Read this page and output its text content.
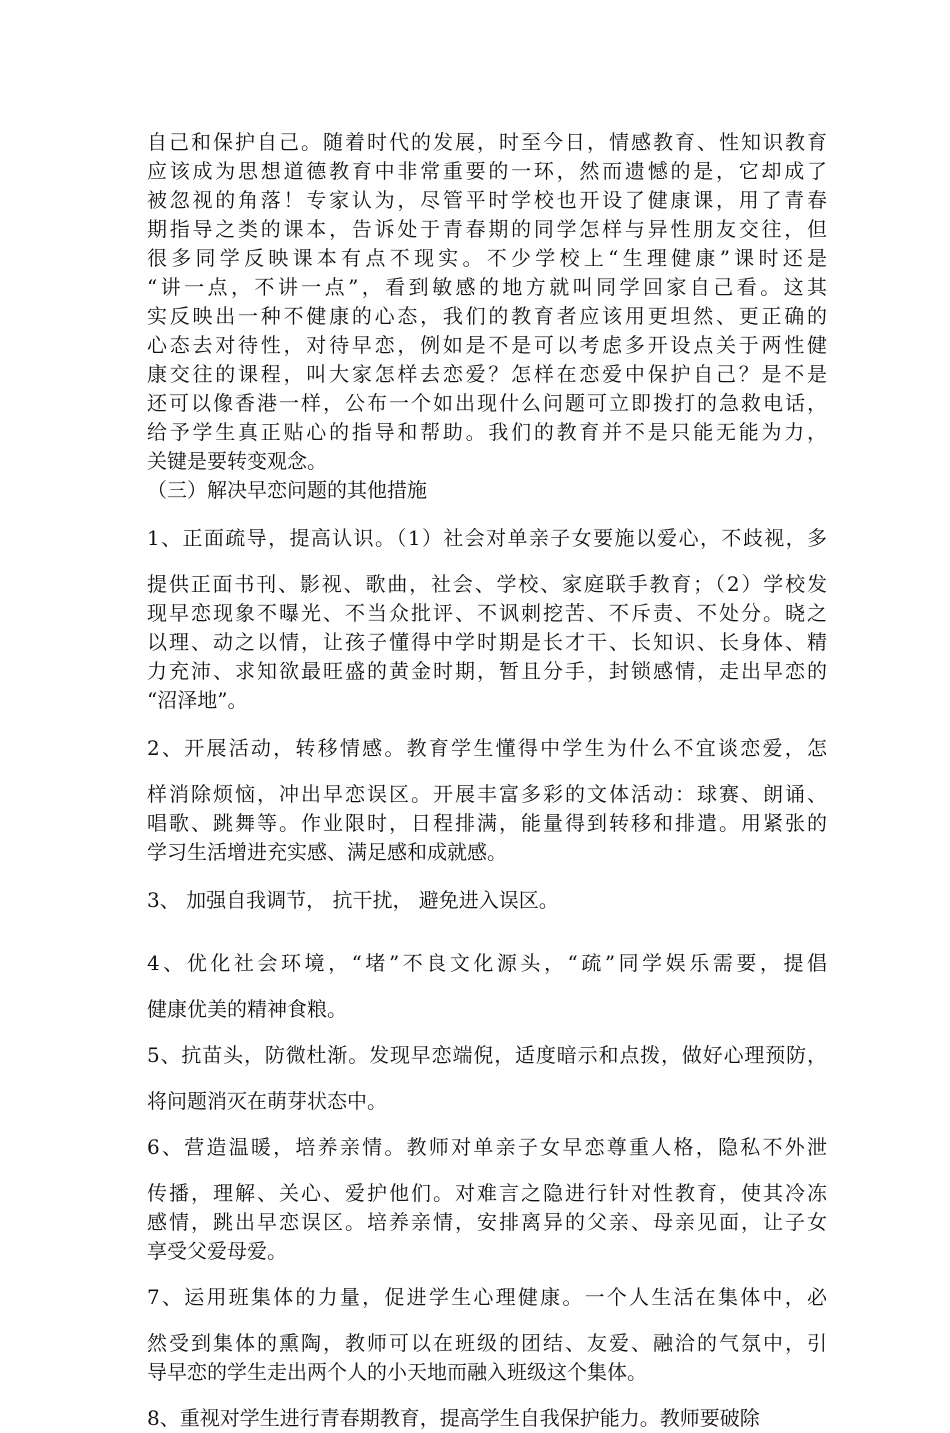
自己和保护自己。随着时代的发展，时至今日，情感教育、性知识教育
应该成为思想道德教育中非常重要的一环，然而遗憾的是，它却成了
被忽视的角落！专家认为，尽管平时学校也开设了健康课，用了青春
期指导之类的课本，告诉处于青春期的同学怎样与异性朋友交往，但
很多同学反映课本有点不现实。不少学校上“生理健康”课时还是
“讲一点，不讲一点”，看到敏感的地方就叫同学回家自己看。这其
实反映出一种不健康的心态，我们的教育者应该用更坦然、更正确的
心态去对待性，对待早恋，例如是不是可以考虑多开设点关于两性健
康交往的课程，叫大家怎样去恋爱？怎样在恋爱中保护自己？是不是
还可以像香港一样，公布一个如出现什么问题可立即拨打的急救电话，
给予学生真正贴心的指导和帮助。我们的教育并不是只能无能为力，
关键是要转变观念。
（三）解决早恋问题的其他措施
1、正面疏导，提高认识。（1）社会对单亲子女要施以爱心，不歧视，多
提供正面书刊、影视、歌曲，社会、学校、家庭联手教育；（2）学校发
现早恋现象不曝光、不当众批评、不讽刺挖苦、不斥责、不处分。晓之
以理、动之以情，让孩子懂得中学时期是长才干、长知识、长身体、精
力充沛、求知欲最旺盛的黄金时期，暂且分手，封锁感情，走出早恋的
“沼泽地”。
2、开展活动，转移情感。教育学生懂得中学生为什么不宜谈恋爱，怎
样消除烦恼，冲出早恋误区。开展丰富多彩的文体活动：球赛、朗诵、
唱歌、跳舞等。作业限时，日程排满，能量得到转移和排遣。用紧张的
学习生活增进充实感、满足感和成就感。
3、 加强自我调节， 抗干扰， 避免进入误区。
4、优化社会环境，“堵”不良文化源头，“疏”同学娱乐需要，提倡
健康优美的精神食粮。
5、抗苗头，防微杜渐。发现早恋端倪，适度暗示和点拨，做好心理预防，
将问题消灭在萌芽状态中。
6、营造温暖，培养亲情。教师对单亲子女早恋尊重人格，隐私不外泄
传播，理解、关心、爱护他们。对难言之隐进行针对性教育，使其冷冻
感情，跳出早恋误区。培养亲情，安排离异的父亲、母亲见面，让子女
享受父爱母爱。
7、运用班集体的力量，促进学生心理健康。一个人生活在集体中，必
然受到集体的熏陶，教师可以在班级的团结、友爱、融洽的气氛中，引
导早恋的学生走出两个人的小天地而融入班级这个集体。
8、重视对学生进行青春期教育，提高学生自我保护能力。教师要破除
